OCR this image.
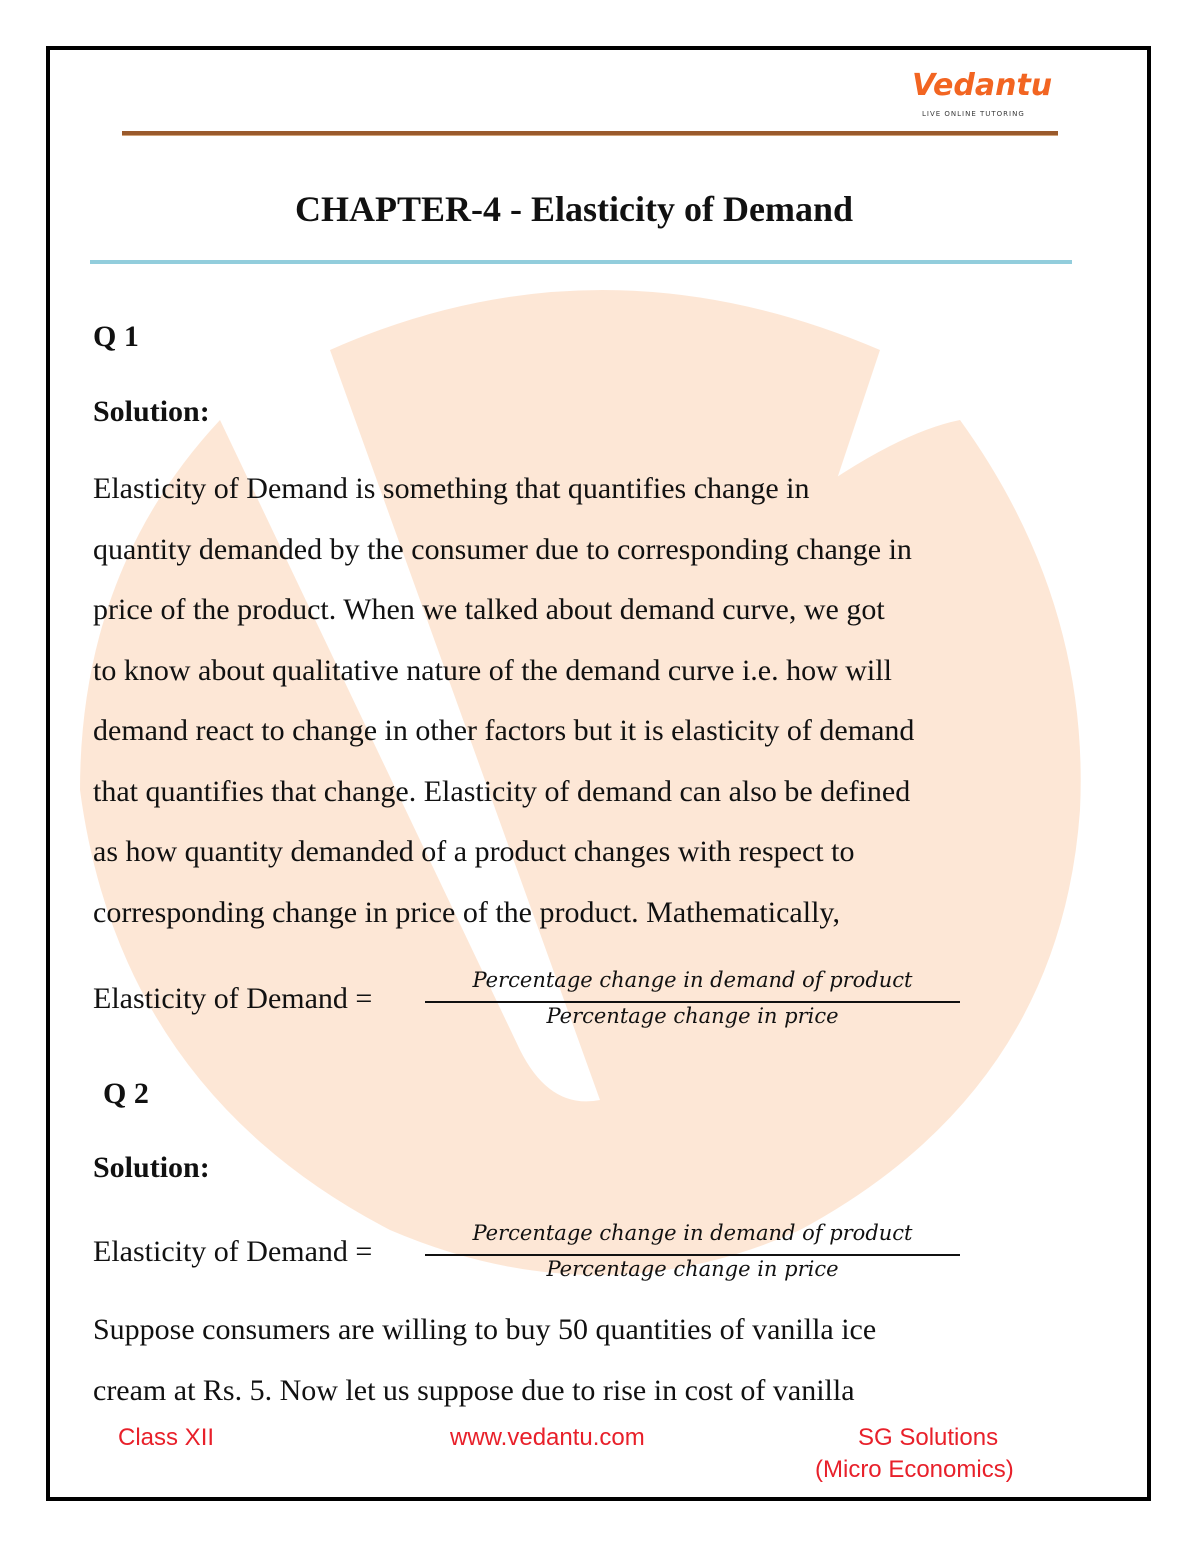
Vedantu
LIVE ONLINE TUTORING
CHAPTER-4 - Elasticity of Demand
Q 1
Solution:
Elasticity of Demand is something that quantifies change in
quantity demanded by the consumer due to corresponding change in
price of the product. When we talked about demand curve, we got
to know about qualitative nature of the demand curve i.e. how will
demand react to change in other factors but it is elasticity of demand
that quantifies that change. Elasticity of demand can also be defined
as how quantity demanded of a product changes with respect to
corresponding change in price of the product. Mathematically,
Elasticity of Demand =
Percentage change in demand of product
Percentage change in price
Q 2
Solution:
Elasticity of Demand =
Percentage change in demand of product
Percentage change in price
Suppose consumers are willing to buy 50 quantities of vanilla ice
cream at Rs. 5. Now let us suppose due to rise in cost of vanilla
Class XII	www.vedantu.com	SG Solutions
(Micro Economics)
